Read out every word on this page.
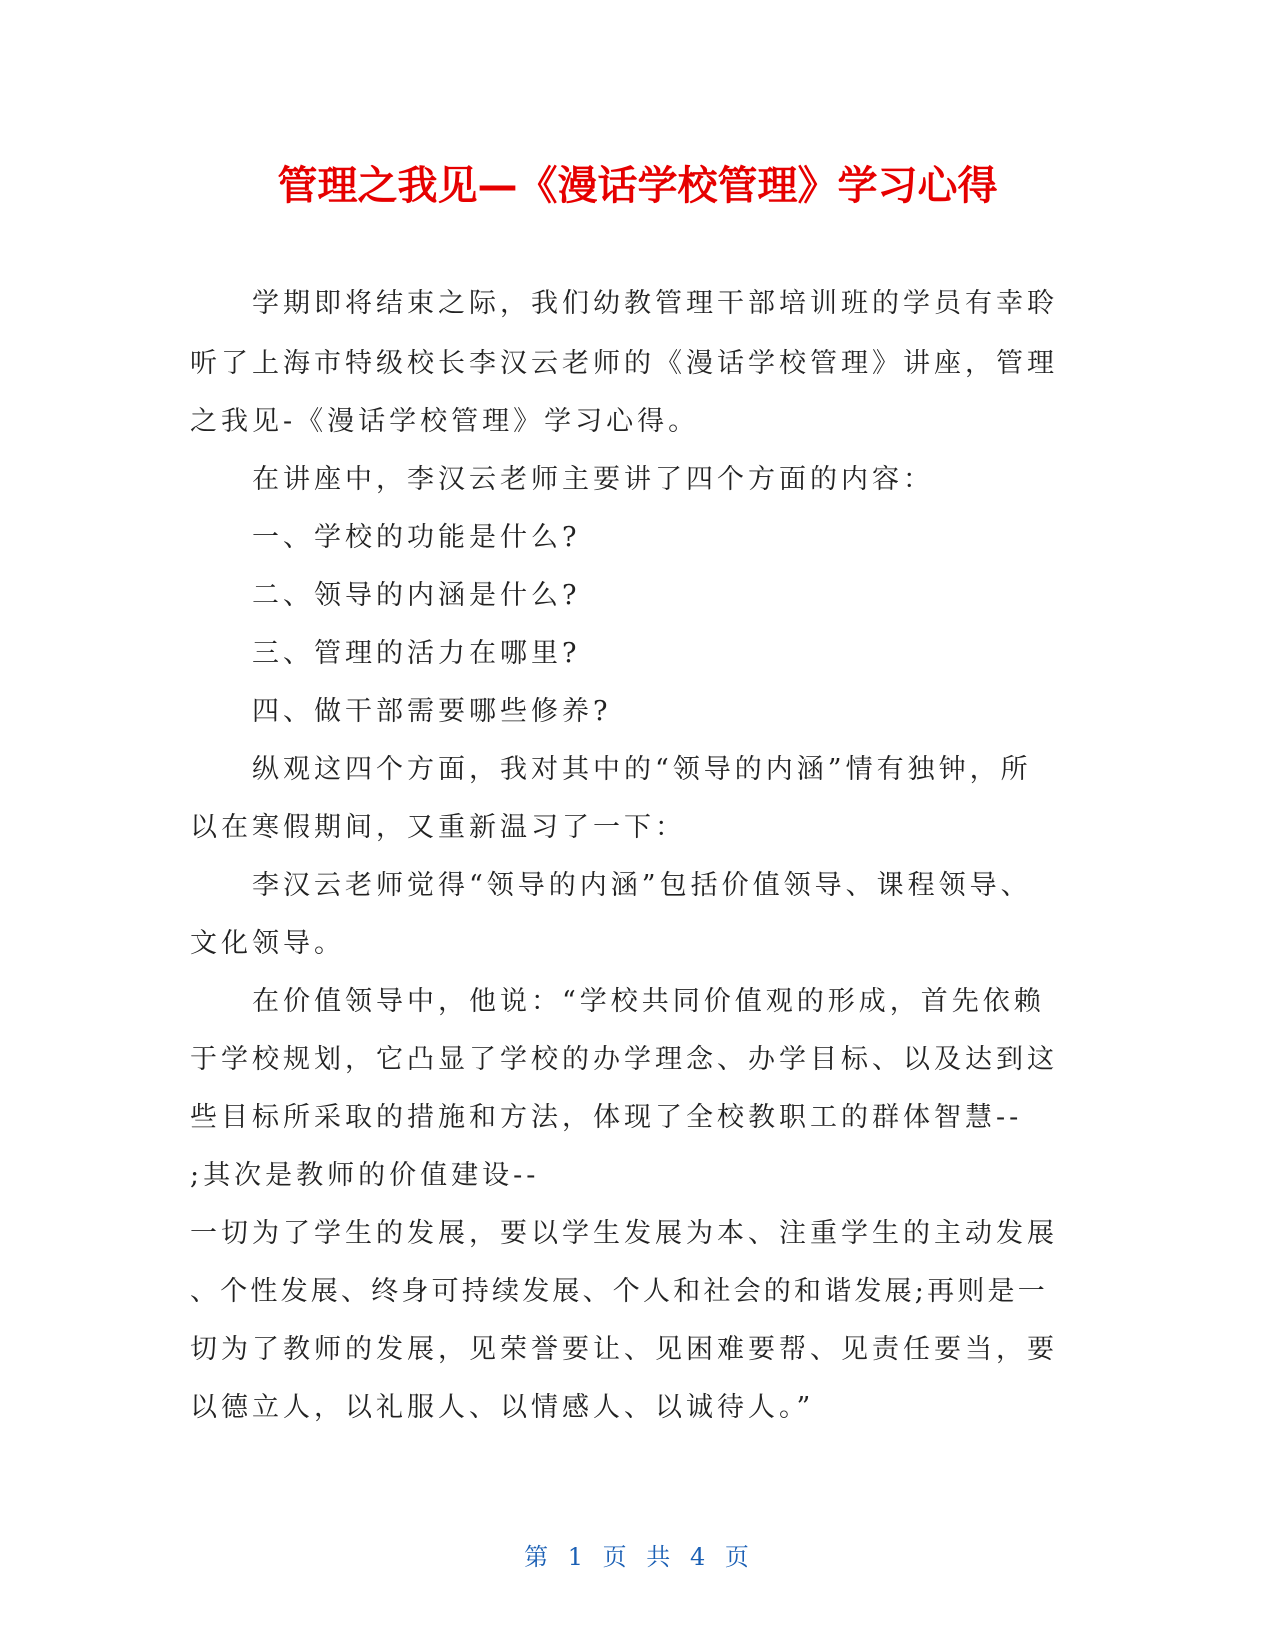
管理之我见—《漫话学校管理》学习心得
学期即将结束之际，我们幼教管理干部培训班的学员有幸聆
听了上海市特级校长李汉云老师的《漫话学校管理》讲座，管理
之我见-《漫话学校管理》学习心得。
在讲座中，李汉云老师主要讲了四个方面的内容：
一、学校的功能是什么?
二、领导的内涵是什么?
三、管理的活力在哪里?
四、做干部需要哪些修养?
纵观这四个方面，我对其中的“领导的内涵”情有独钟，所
以在寒假期间，又重新温习了一下：
李汉云老师觉得“领导的内涵”包括价值领导、课程领导、
文化领导。
在价值领导中，他说：“学校共同价值观的形成，首先依赖
于学校规划，它凸显了学校的办学理念、办学目标、以及达到这
些目标所采取的措施和方法，体现了全校教职工的群体智慧--
;其次是教师的价值建设--
一切为了学生的发展，要以学生发展为本、注重学生的主动发展
、个性发展、终身可持续发展、个人和社会的和谐发展;再则是一
切为了教师的发展，见荣誉要让、见困难要帮、见责任要当，要
以德立人，以礼服人、以情感人、以诚待人。”
第 1 页 共 4 页
